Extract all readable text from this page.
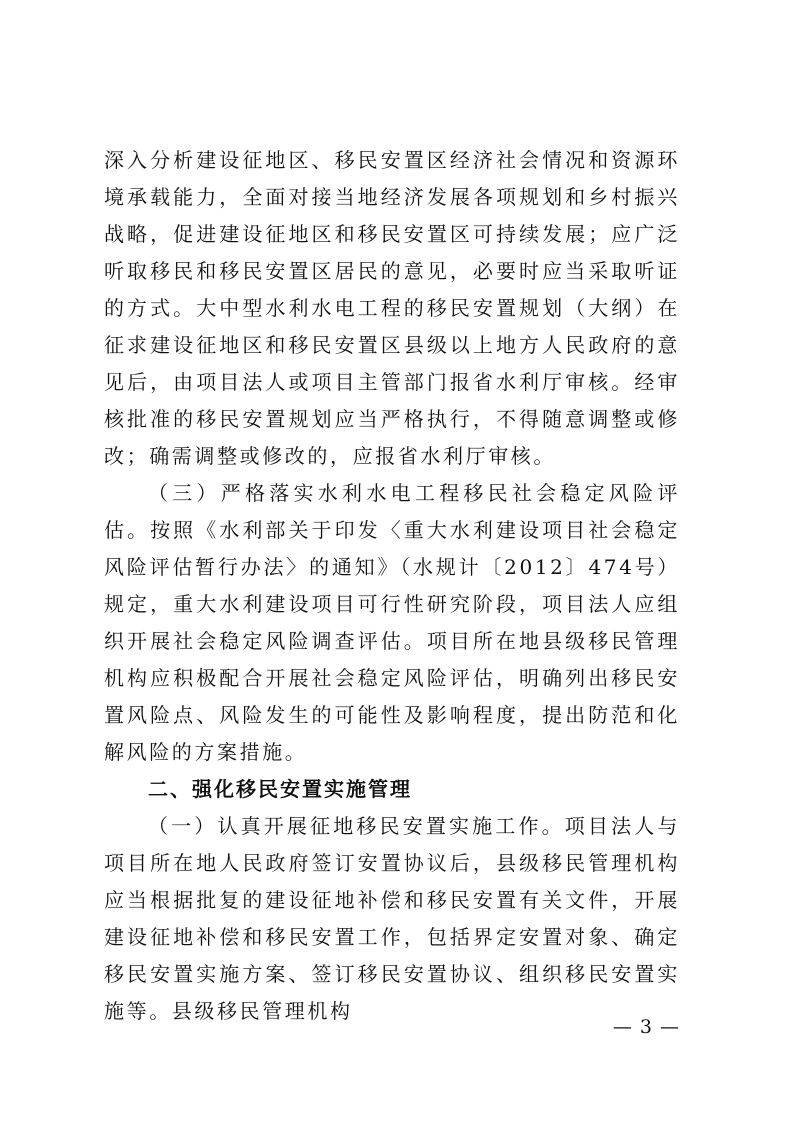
深入分析建设征地区、移民安置区经济社会情况和资源环境承载能力，全面对接当地经济发展各项规划和乡村振兴战略，促进建设征地区和移民安置区可持续发展；应广泛听取移民和移民安置区居民的意见，必要时应当采取听证的方式。大中型水利水电工程的移民安置规划（大纲）在征求建设征地区和移民安置区县级以上地方人民政府的意见后，由项目法人或项目主管部门报省水利厅审核。经审核批准的移民安置规划应当严格执行，不得随意调整或修改；确需调整或修改的，应报省水利厅审核。

（三）严格落实水利水电工程移民社会稳定风险评估。按照《水利部关于印发〈重大水利建设项目社会稳定风险评估暂行办法〉的通知》（水规计〔2012〕474号）规定，重大水利建设项目可行性研究阶段，项目法人应组织开展社会稳定风险调查评估。项目所在地县级移民管理机构应积极配合开展社会稳定风险评估，明确列出移民安置风险点、风险发生的可能性及影响程度，提出防范和化解风险的方案措施。

二、强化移民安置实施管理

（一）认真开展征地移民安置实施工作。项目法人与项目所在地人民政府签订安置协议后，县级移民管理机构应当根据批复的建设征地补偿和移民安置有关文件，开展建设征地补偿和移民安置工作，包括界定安置对象、确定移民安置实施方案、签订移民安置协议、组织移民安置实施等。县级移民管理机构

— 3 —
